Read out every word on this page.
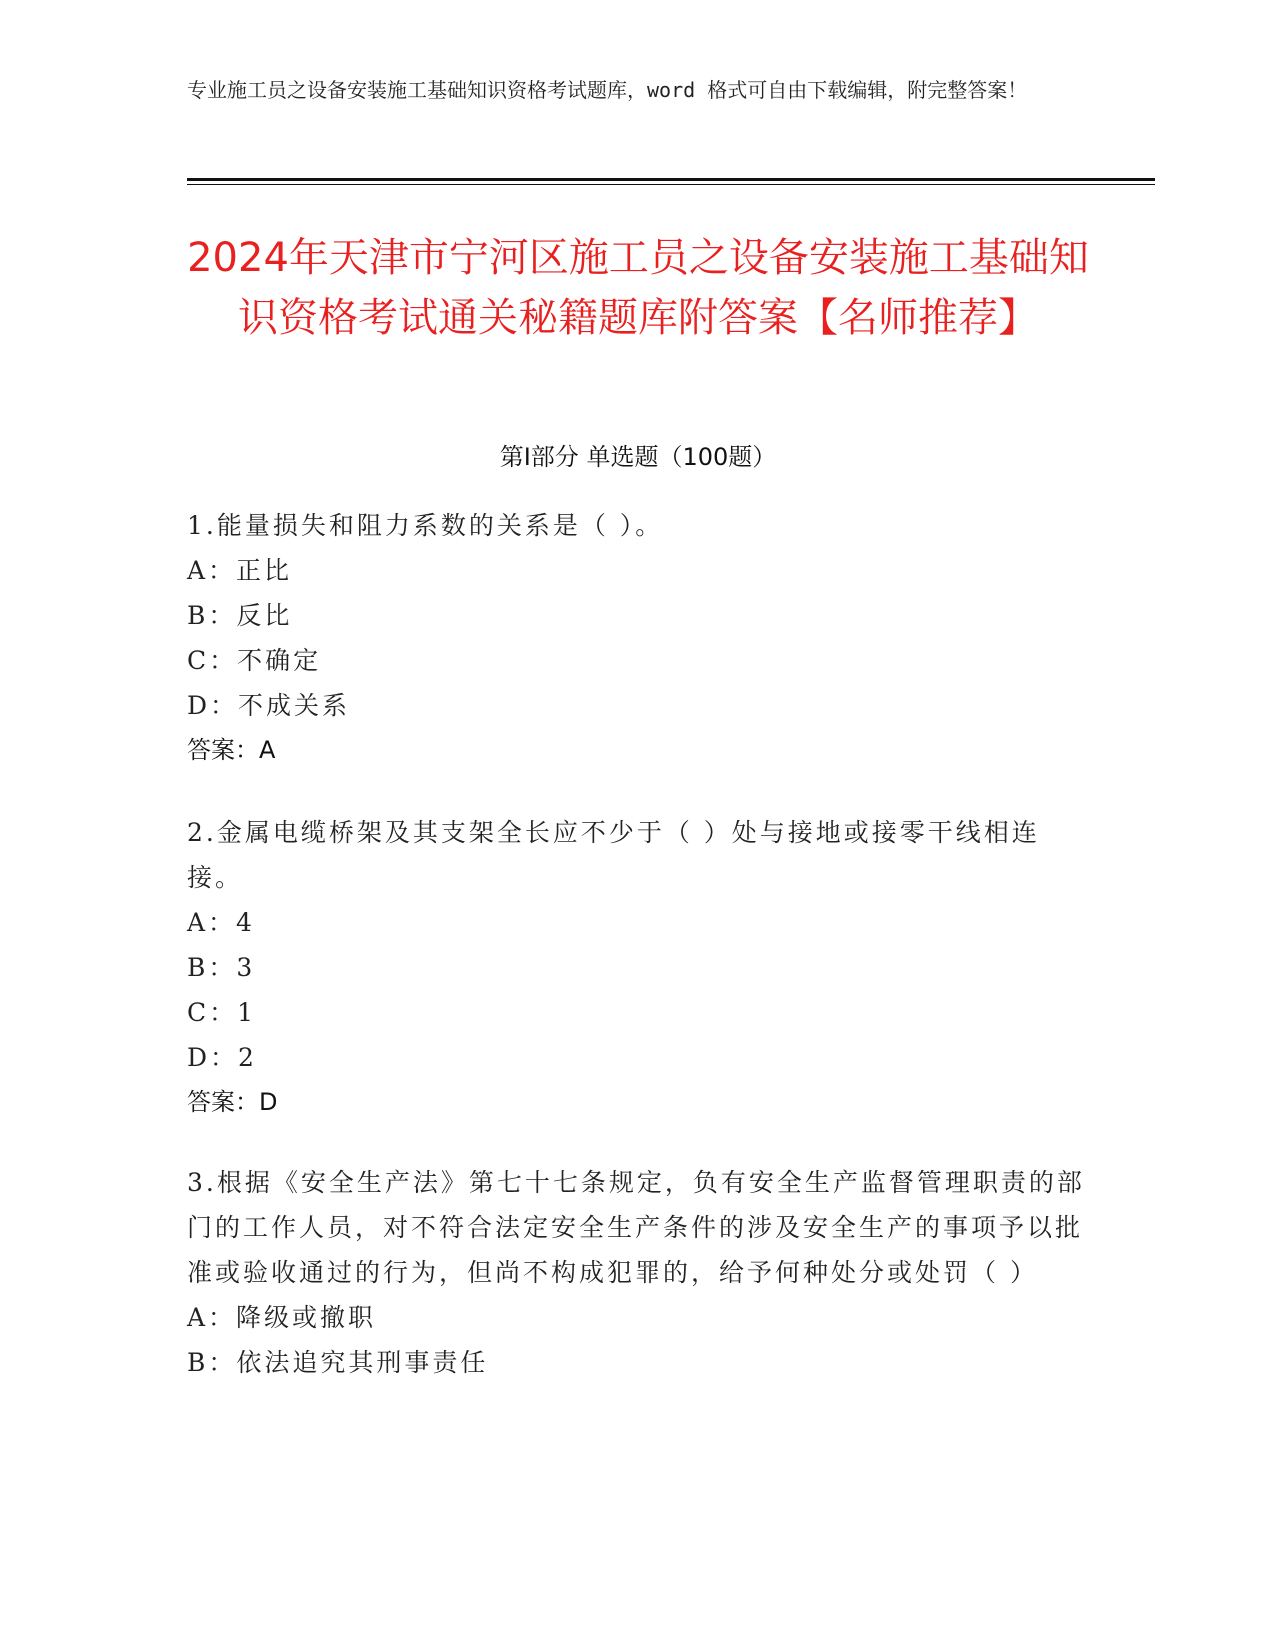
专业施工员之设备安装施工基础知识资格考试题库，word 格式可自由下载编辑，附完整答案！
2024年天津市宁河区施工员之设备安装施工基础知识资格考试通关秘籍题库附答案【名师推荐】
第Ⅰ部分 单选题（100题）
1.能量损失和阻力系数的关系是（ ）。
A：正比
B：反比
C：不确定
D：不成关系
答案：A
2.金属电缆桥架及其支架全长应不少于（ ）处与接地或接零干线相连接。
A：4
B：3
C：1
D：2
答案：D
3.根据《安全生产法》第七十七条规定，负有安全生产监督管理职责的部门的工作人员，对不符合法定安全生产条件的涉及安全生产的事项予以批准或验收通过的行为，但尚不构成犯罪的，给予何种处分或处罚（ ）
A：降级或撤职
B：依法追究其刑事责任
